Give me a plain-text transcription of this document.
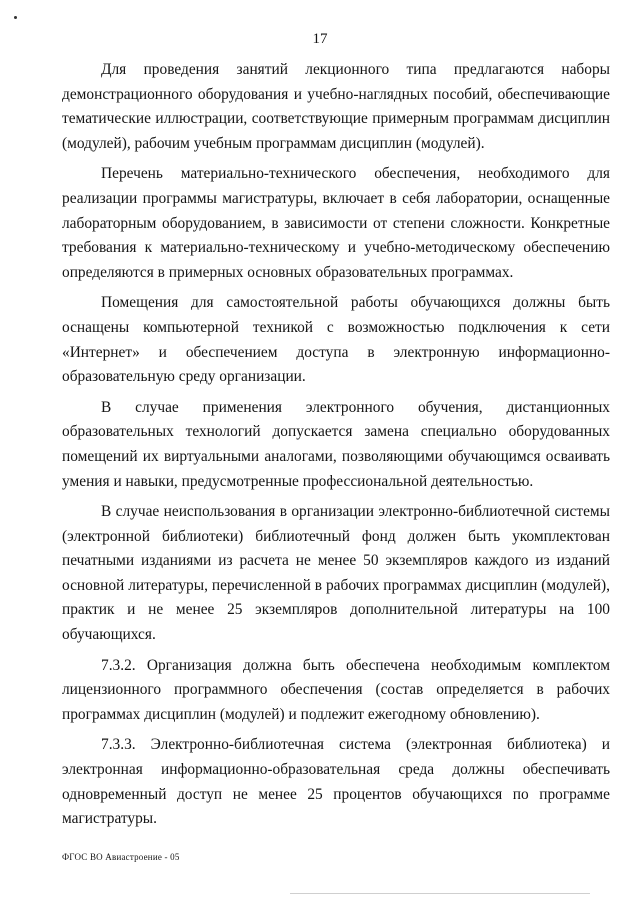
17

Для проведения занятий лекционного типа предлагаются наборы демонстрационного оборудования и учебно-наглядных пособий, обеспечивающие тематические иллюстрации, соответствующие примерным программам дисциплин (модулей), рабочим учебным программам дисциплин (модулей).

Перечень материально-технического обеспечения, необходимого для реализации программы магистратуры, включает в себя лаборатории, оснащенные лабораторным оборудованием, в зависимости от степени сложности. Конкретные требования к материально-техническому и учебно-методическому обеспечению определяются в примерных основных образовательных программах.

Помещения для самостоятельной работы обучающихся должны быть оснащены компьютерной техникой с возможностью подключения к сети «Интернет» и обеспечением доступа в электронную информационно-образовательную среду организации.

В случае применения электронного обучения, дистанционных образовательных технологий допускается замена специально оборудованных помещений их виртуальными аналогами, позволяющими обучающимся осваивать умения и навыки, предусмотренные профессиональной деятельностью.

В случае неиспользования в организации электронно-библиотечной системы (электронной библиотеки) библиотечный фонд должен быть укомплектован печатными изданиями из расчета не менее 50 экземпляров каждого из изданий основной литературы, перечисленной в рабочих программах дисциплин (модулей), практик и не менее 25 экземпляров дополнительной литературы на 100 обучающихся.

7.3.2. Организация должна быть обеспечена необходимым комплектом лицензионного программного обеспечения (состав определяется в рабочих программах дисциплин (модулей) и подлежит ежегодному обновлению).

7.3.3. Электронно-библиотечная система (электронная библиотека) и электронная информационно-образовательная среда должны обеспечивать одновременный доступ не менее 25 процентов обучающихся по программе магистратуры.

ФГОС ВО Авиастроение - 05
